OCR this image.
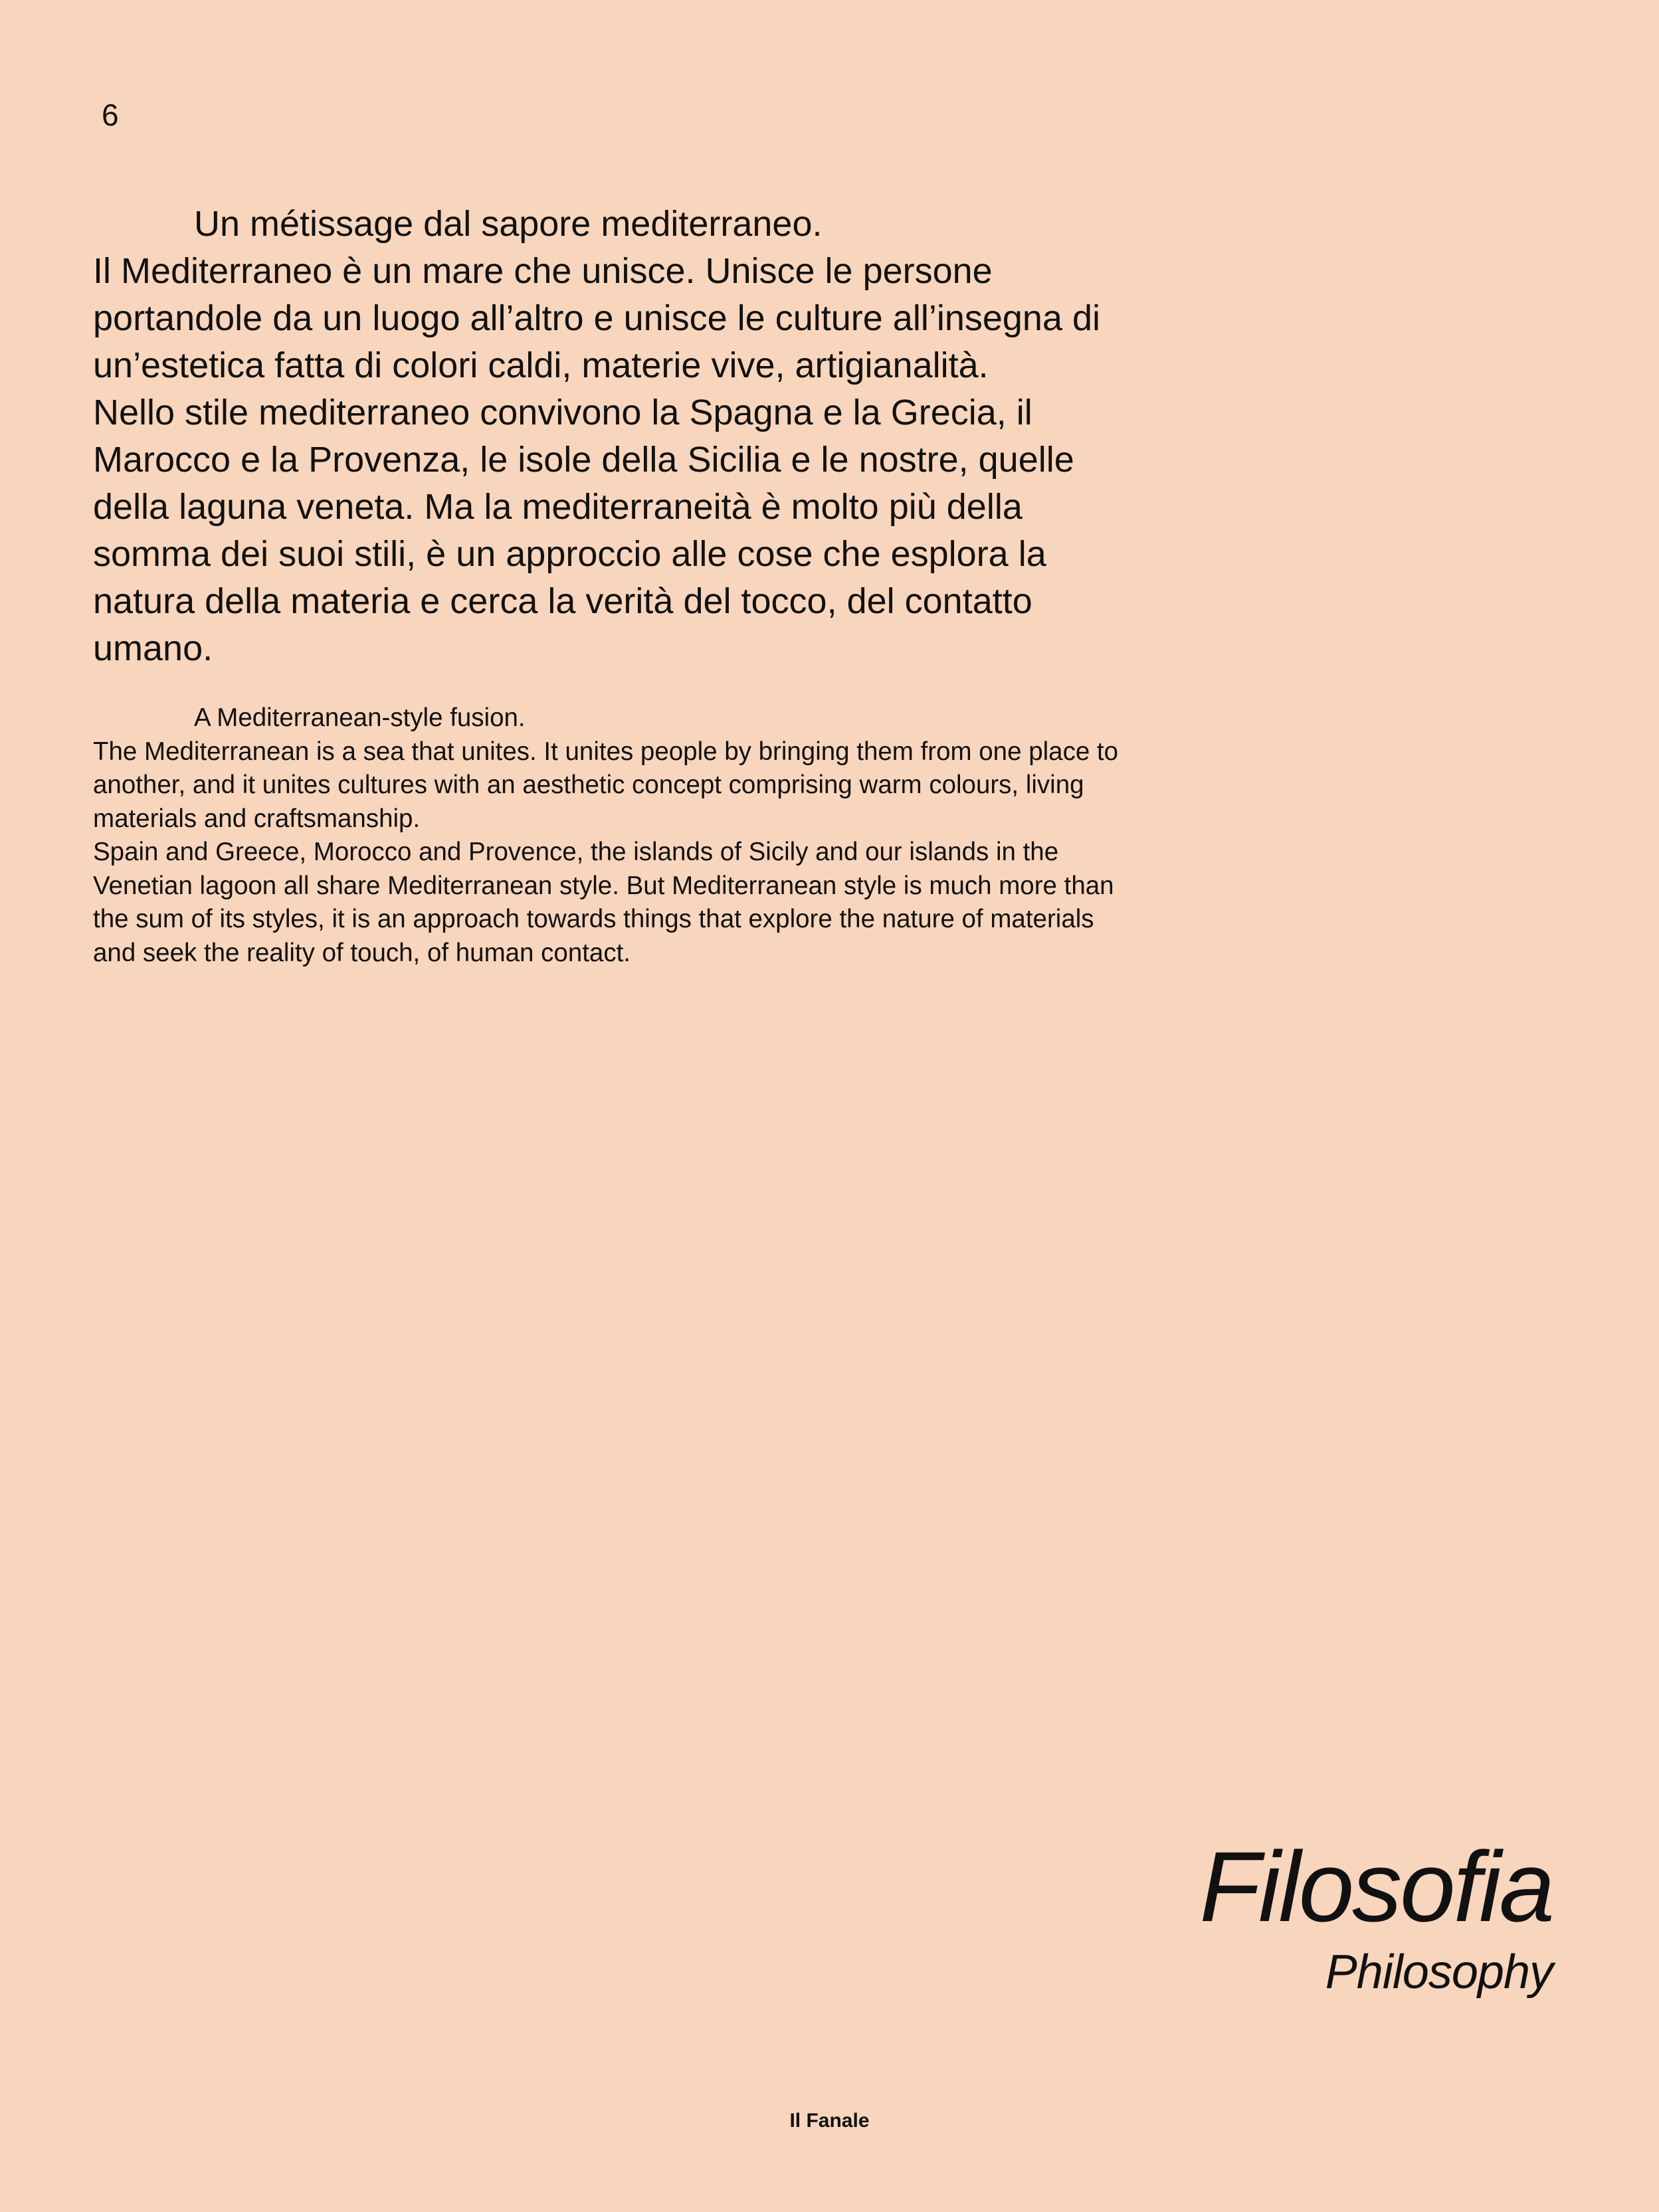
6
Un métissage dal sapore mediterraneo.
Il Mediterraneo è un mare che unisce. Unisce le persone
portandole da un luogo all’altro e unisce le culture all’insegna di
un’estetica fatta di colori caldi, materie vive, artigianalità.
Nello stile mediterraneo convivono la Spagna e la Grecia, il
Marocco e la Provenza, le isole della Sicilia e le nostre, quelle
della laguna veneta. Ma la mediterraneità è molto più della
somma dei suoi stili, è un approccio alle cose che esplora la
natura della materia e cerca la verità del tocco, del contatto
umano.
A Mediterranean-style fusion.
The Mediterranean is a sea that unites. It unites people by bringing them from one place to
another, and it unites cultures with an aesthetic concept comprising warm colours, living
materials and craftsmanship.
Spain and Greece, Morocco and Provence, the islands of Sicily and our islands in the
Venetian lagoon all share Mediterranean style. But Mediterranean style is much more than
the sum of its styles, it is an approach towards things that explore the nature of materials
and seek the reality of touch, of human contact.
Filosofia
Philosophy
Il Fanale
